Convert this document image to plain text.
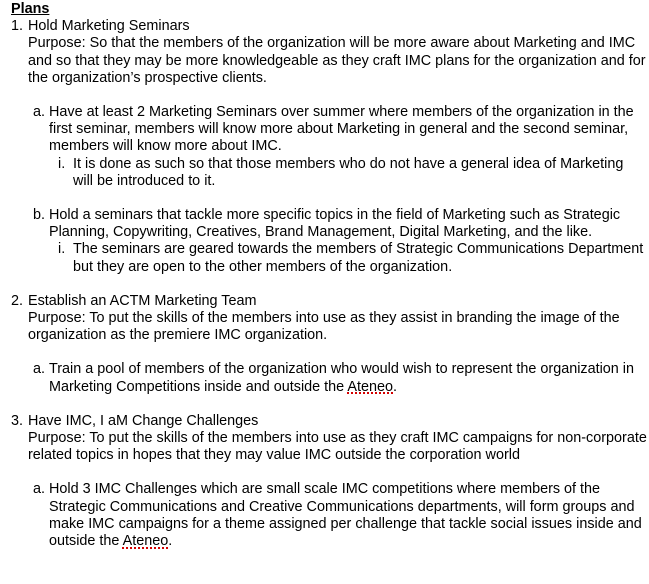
Plans

1. Hold Marketing Seminars
Purpose: So that the members of the organization will be more aware about Marketing and IMC and so that they may be more knowledgeable as they craft IMC plans for the organization and for the organization’s prospective clients.
a. Have at least 2 Marketing Seminars over summer where members of the organization in the first seminar, members will know more about Marketing in general and the second seminar, members will know more about IMC.
i. It is done as such so that those members who do not have a general idea of Marketing will be introduced to it.
b. Hold a seminars that tackle more specific topics in the field of Marketing such as Strategic Planning, Copywriting, Creatives, Brand Management, Digital Marketing, and the like.
i. The seminars are geared towards the members of Strategic Communications Department but they are open to the other members of the organization.
2. Establish an ACTM Marketing Team
Purpose: To put the skills of the members into use as they assist in branding the image of the organization as the premiere IMC organization.
a. Train a pool of members of the organization who would wish to represent the organization in Marketing Competitions inside and outside the Ateneo.
3. Have IMC, I aM Change Challenges
Purpose: To put the skills of the members into use as they craft IMC campaigns for non-corporate related topics in hopes that they may value IMC outside the corporation world
a. Hold 3 IMC Challenges which are small scale IMC competitions where members of the Strategic Communications and Creative Communications departments, will form groups and make IMC campaigns for a theme assigned per challenge that tackle social issues inside and outside the Ateneo.
